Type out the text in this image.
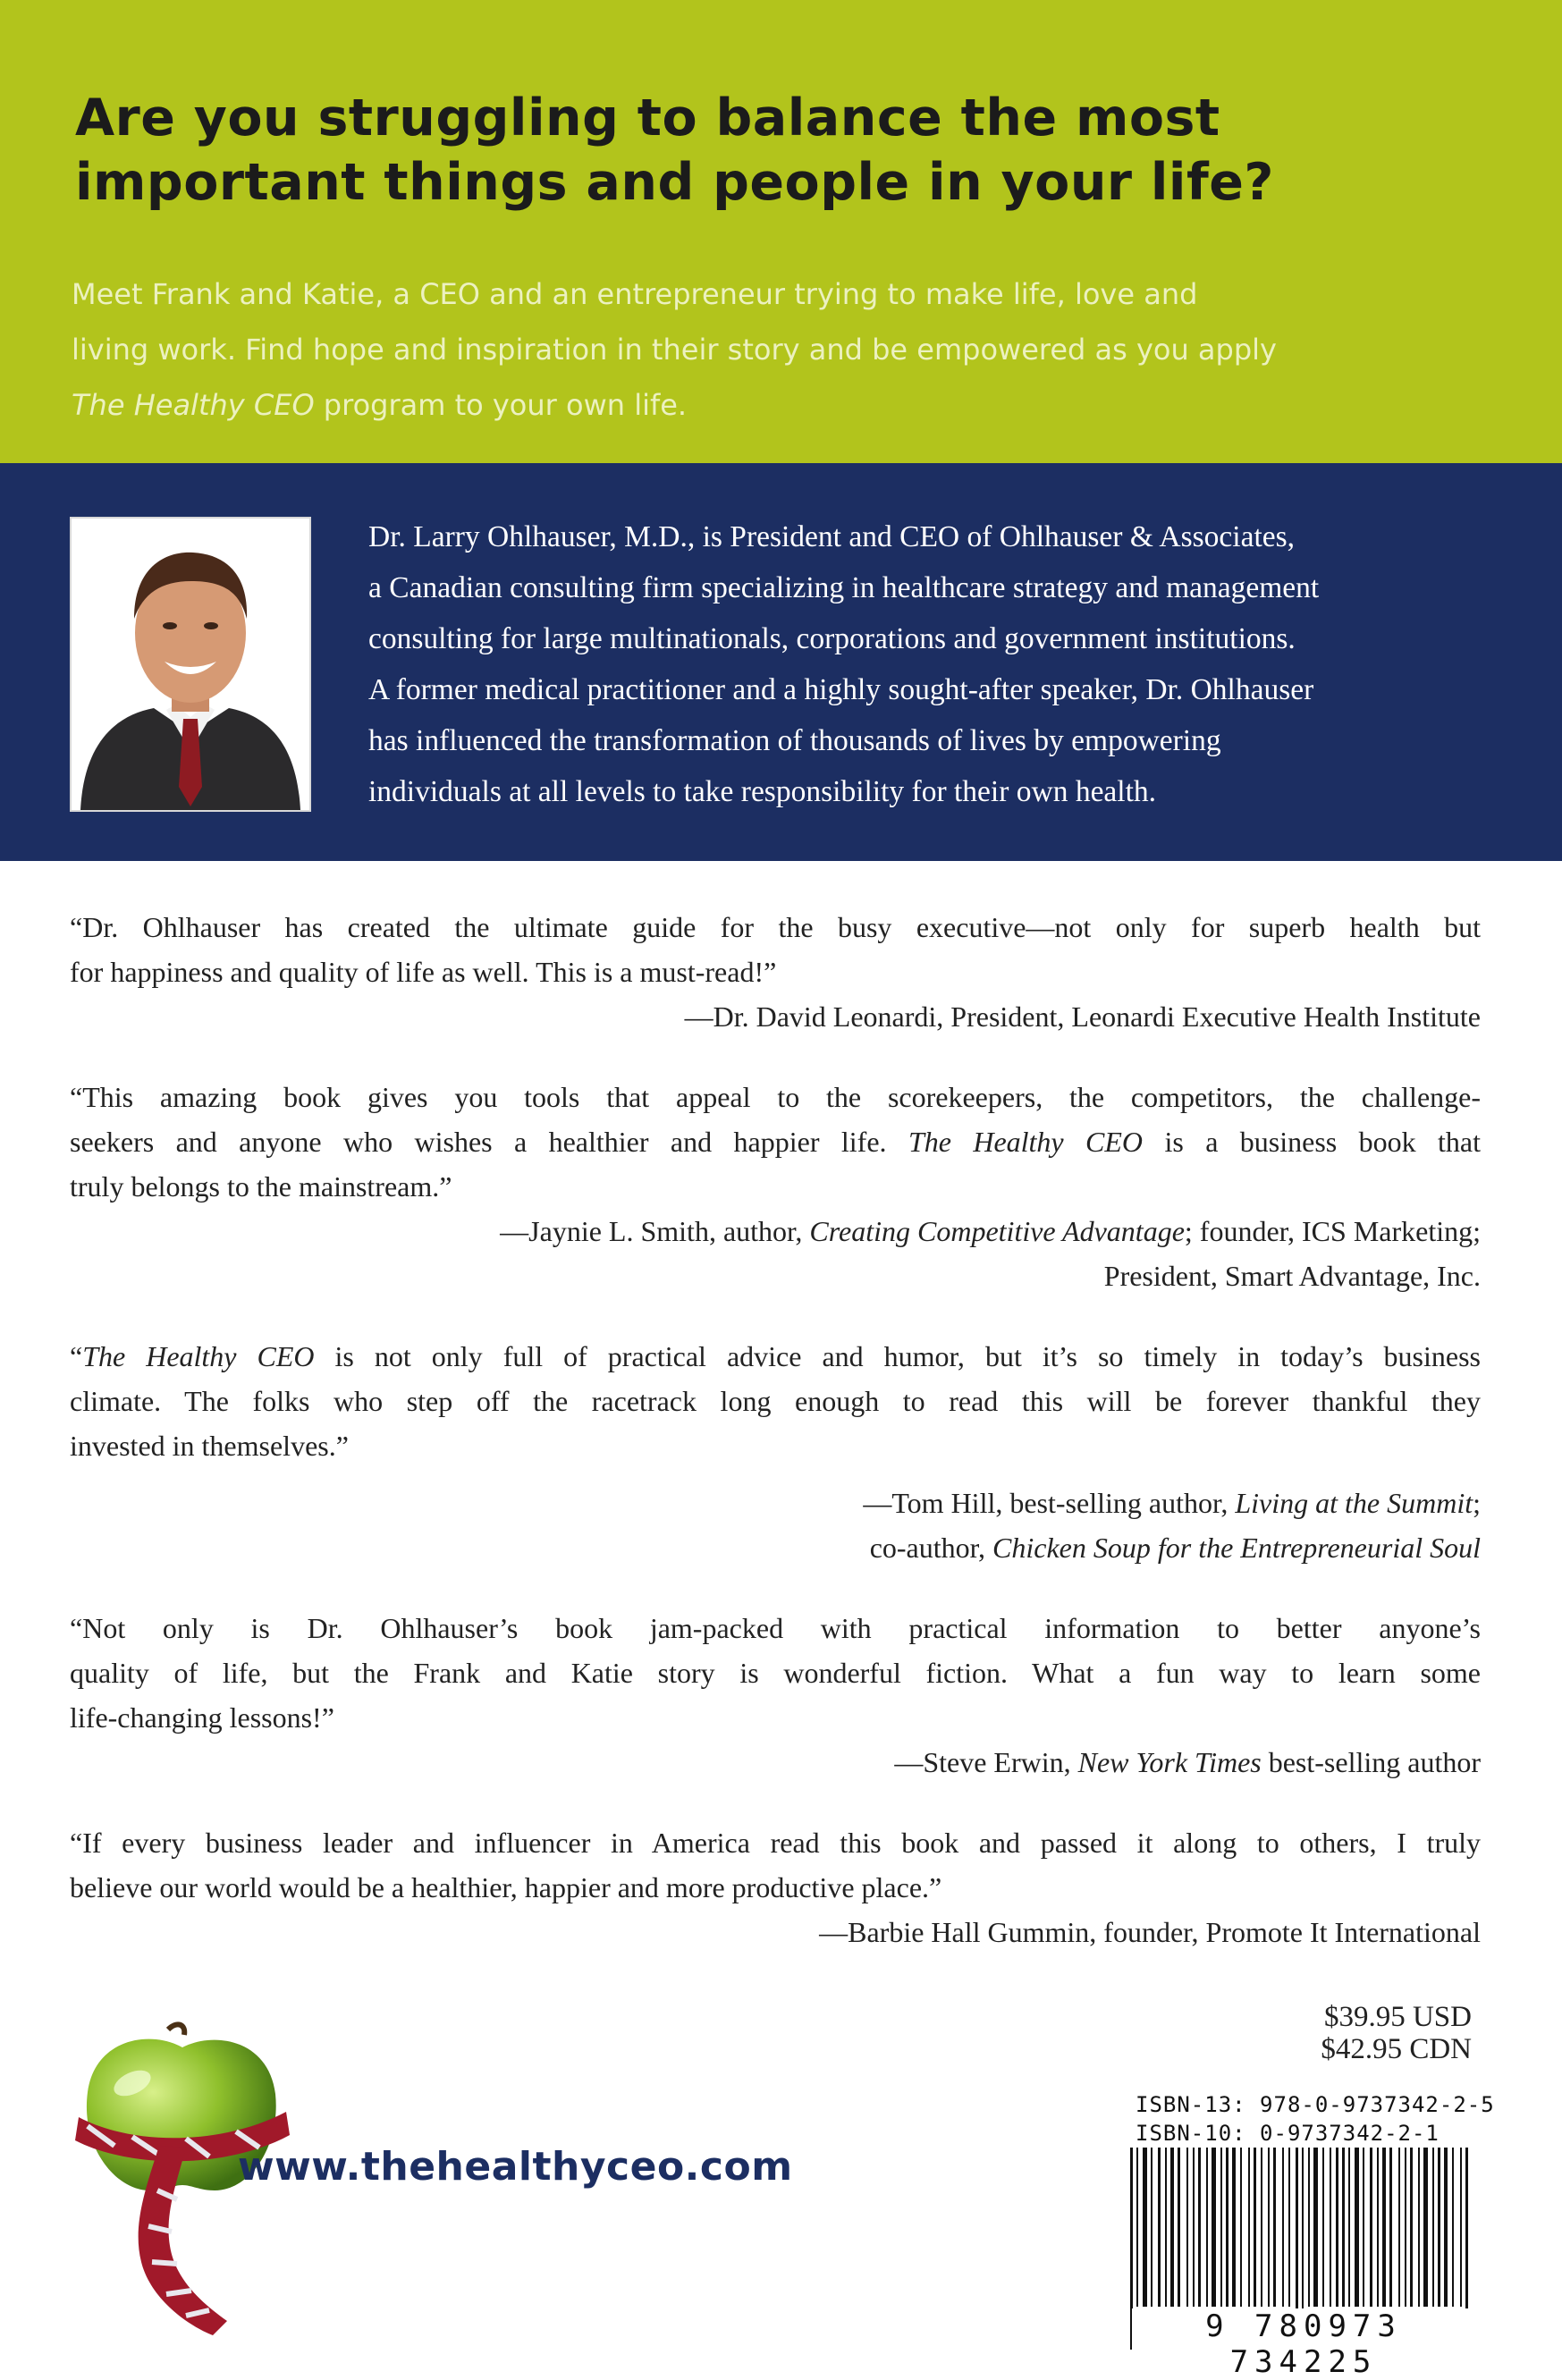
Are you struggling to balance the most
important things and people in your life?
Meet Frank and Katie, a CEO and an entrepreneur trying to make life, love and
living work. Find hope and inspiration in their story and be empowered as you apply
The Healthy CEO program to your own life.
Dr. Larry Ohlhauser, M.D., is President and CEO of Ohlhauser & Associates,
a Canadian consulting firm specializing in healthcare strategy and management
consulting for large multinationals, corporations and government institutions.
A former medical practitioner and a highly sought-after speaker, Dr. Ohlhauser
has influenced the transformation of thousands of lives by empowering
individuals at all levels to take responsibility for their own health.
“Dr. Ohlhauser has created the ultimate guide for the busy executive—not only for superb health but
for happiness and quality of life as well. This is a must-read!”
—Dr. David Leonardi, President, Leonardi Executive Health Institute
“This amazing book gives you tools that appeal to the scorekeepers, the competitors, the challenge-
seekers and anyone who wishes a healthier and happier life. The Healthy CEO is a business book that
truly belongs to the mainstream.”
—Jaynie L. Smith, author, Creating Competitive Advantage; founder, ICS Marketing;
President, Smart Advantage, Inc.
“The Healthy CEO is not only full of practical advice and humor, but it’s so timely in today’s business
climate. The folks who step off the racetrack long enough to read this will be forever thankful they
invested in themselves.”
—Tom Hill, best-selling author, Living at the Summit;
co-author, Chicken Soup for the Entrepreneurial Soul
“Not only is Dr. Ohlhauser’s book jam-packed with practical information to better anyone’s
quality of life, but the Frank and Katie story is wonderful fiction. What a fun way to learn some
life-changing lessons!”
—Steve Erwin, New York Times best-selling author
“If every business leader and influencer in America read this book and passed it along to others, I truly
believe our world would be a healthier, happier and more productive place.”
—Barbie Hall Gummin, founder, Promote It International
www.thehealthyceo.com
$39.95 USD
$42.95 CDN
ISBN-13: 978-0-9737342-2-5
ISBN-10: 0-9737342-2-1
9 780973 734225
